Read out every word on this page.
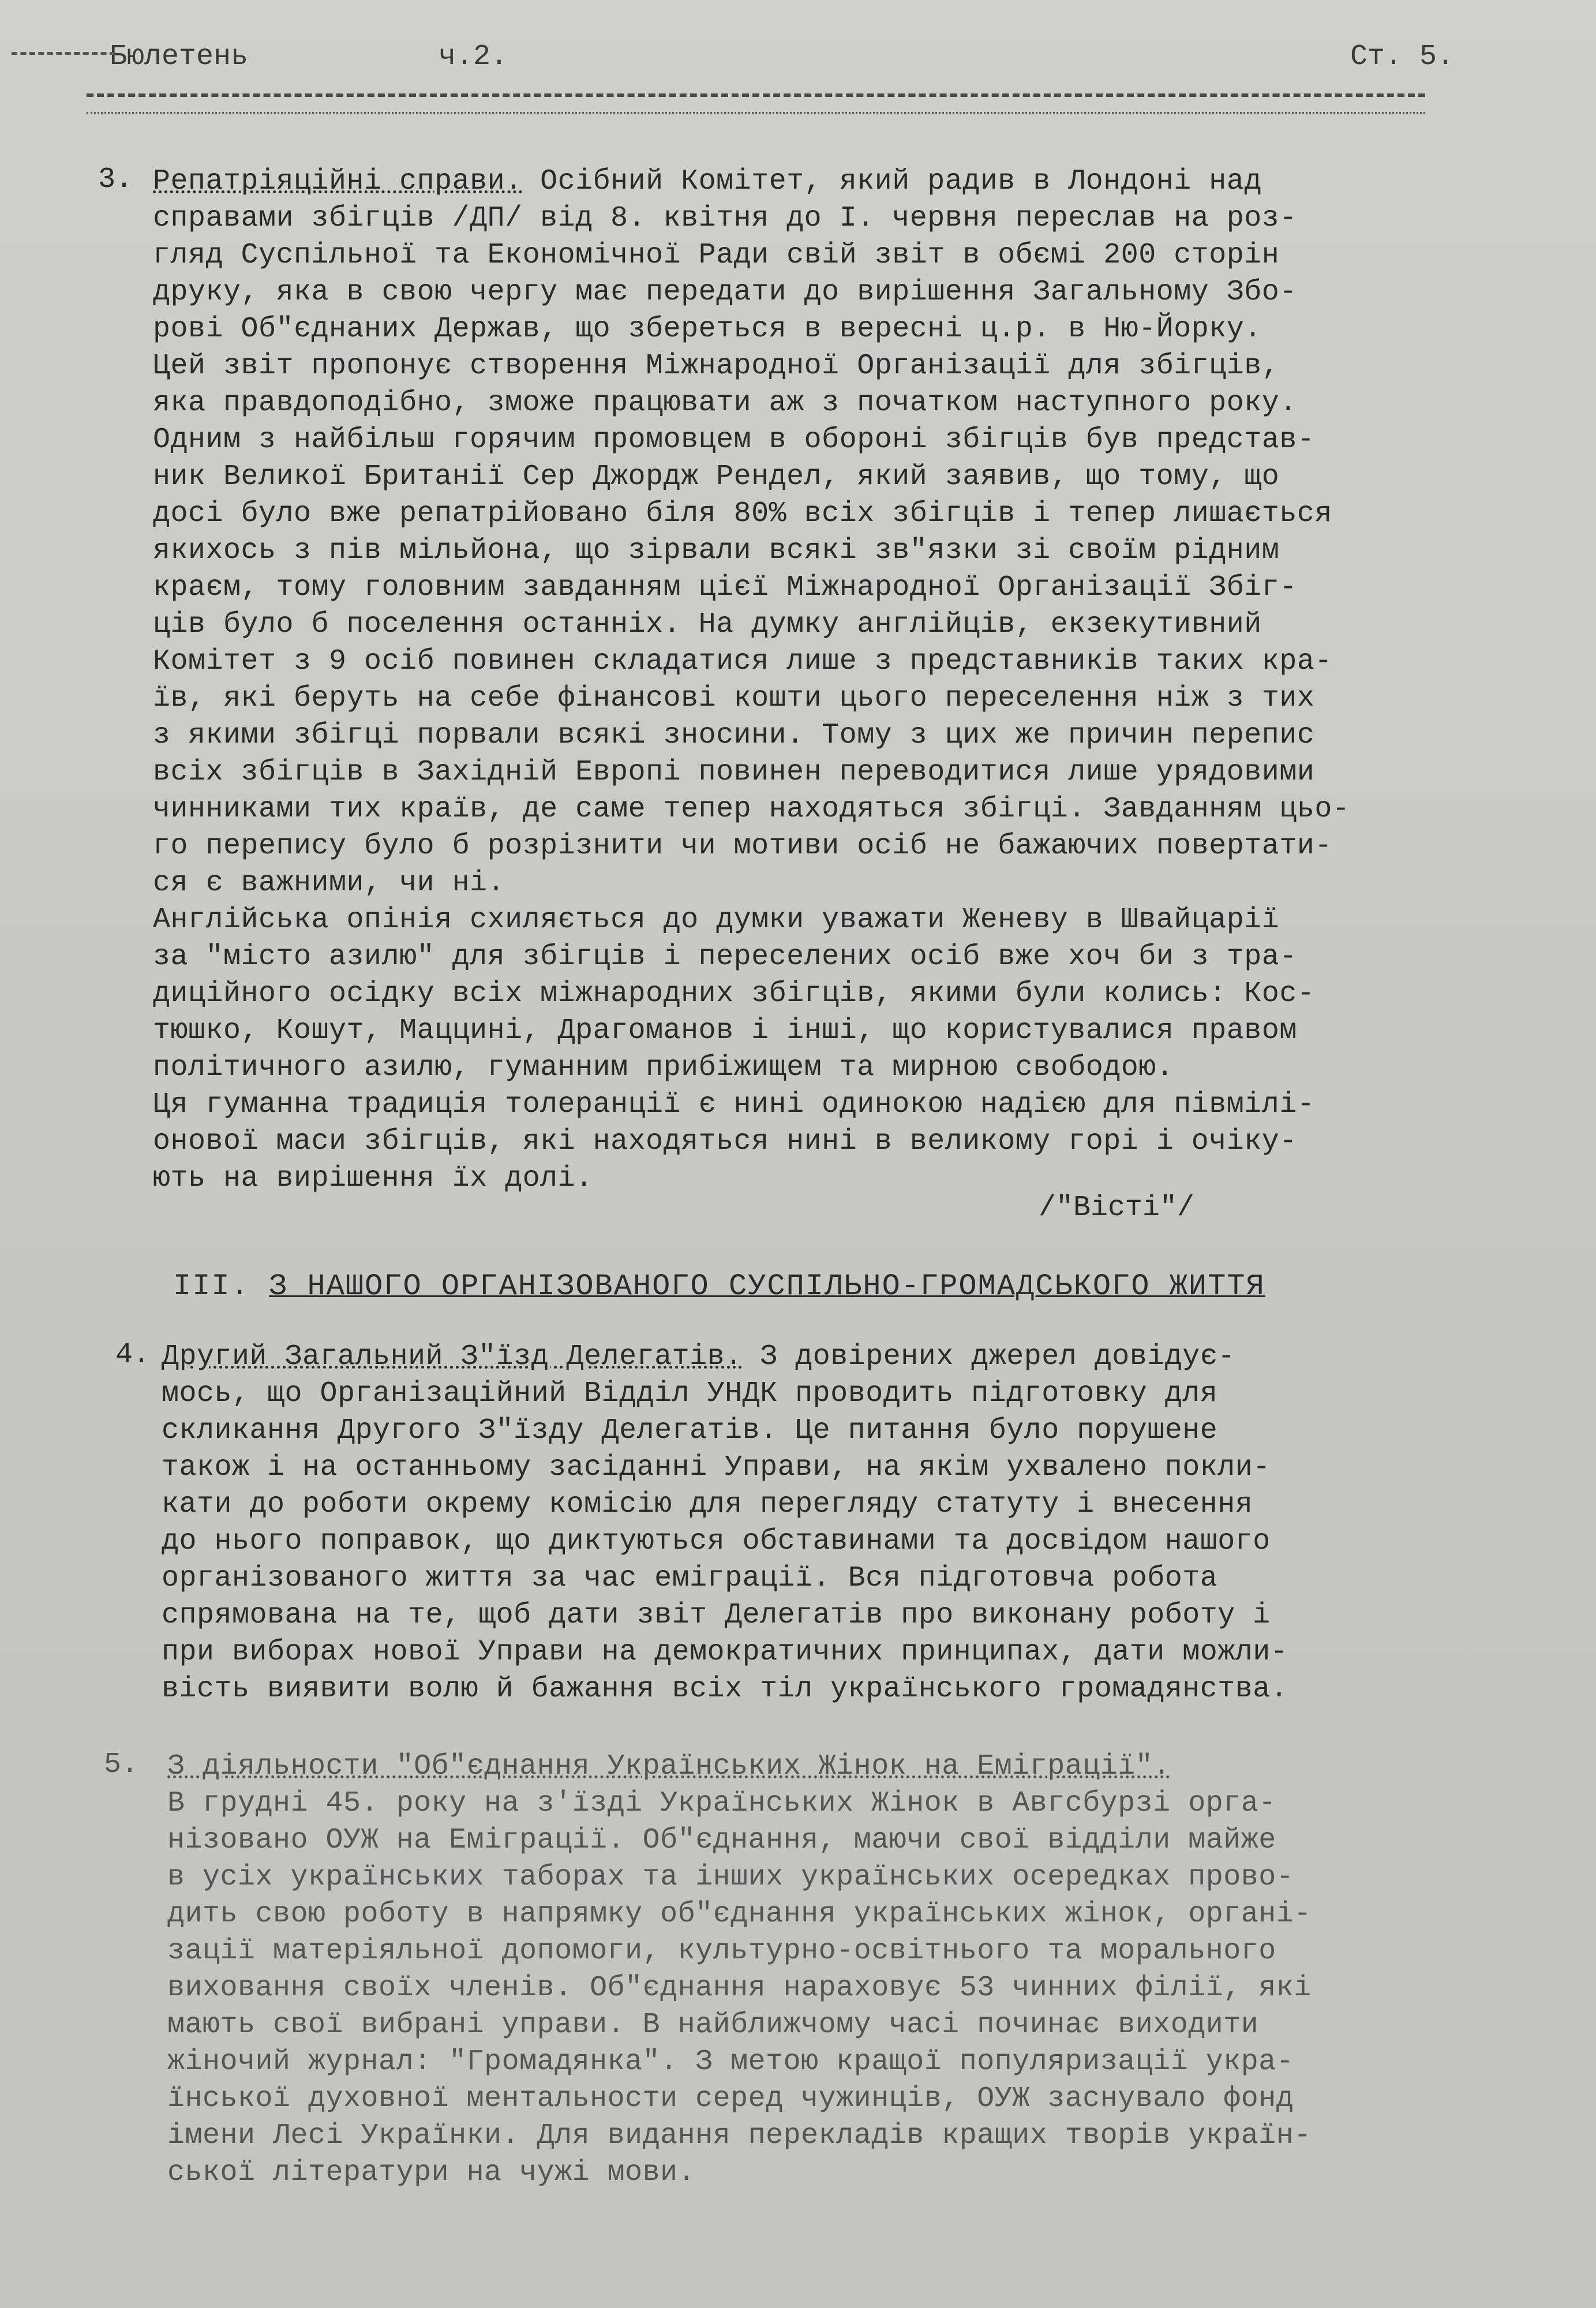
Бюлетень	ч.2.	Ст. 5.
3. Репатріяційні справи. Осібний Комітет, який радив в Лондоні над
справами збігців /ДП/ від 8. квітня до I. червня переслав на роз-
гляд Суспільної та Економічної Ради свій звіт в обємі 200 сторін
друку, яка в свою чергу має передати до вирішення Загальному Збо-
рові Об"єднаних Держав, що збереться в вересні ц.р. в Ню-Йорку.
Цей звіт пропонує створення Міжнародної Організації для збігців,
яка правдоподібно, зможе працювати аж з початком наступного року.
Одним з найбільш горячим промовцем в обороні збігців був представ-
ник Великої Британії Сер Джордж Рендел, який заявив, що тому, що
досі було вже репатрійовано біля 80% всіх збігців і тепер лишається
якихось з пів мільйона, що зірвали всякі зв"язки зі своїм рідним
краєм, тому головним завданням цієї Міжнародної Організації Збіг-
ців було б поселення останніх. На думку англійців, екзекутивний
Комітет з 9 осіб повинен складатися лише з представників таких кра-
їв, які беруть на себе фінансові кошти цього переселення ніж з тих
з якими збігці порвали всякі зносини. Тому з цих же причин перепис
всіх збігців в Західній Европі повинен переводитися лише урядовими
чинниками тих країв, де саме тепер находяться збігці. Завданням цьо-
го перепису було б розрізнити чи мотиви осіб не бажаючих повертати-
ся є важними, чи ні.
Англійська опінія схиляється до думки уважати Женеву в Швайцарії
за "місто азилю" для збігців і переселених осіб вже хоч би з тра-
диційного осідку всіх міжнародних збігців, якими були колись: Кос-
тюшко, Кошут, Маццині, Драгоманов і інші, що користувалися правом
політичного азилю, гуманним прибіжищем та мирною свободою.
Ця гуманна традиція толеранції є нині одинокою надією для півмілі-
онової маси збігців, які находяться нині в великому горі і очіку-
ють на вирішення їх долі.
/"Вісті"/
III. З НАШОГО ОРГАНІЗОВАНОГО СУСПІЛЬНО-ГРОМАДСЬКОГО ЖИТТЯ
4. Другий Загальний З"їзд Делегатів. З довірених джерел довідує-
мось, що Організаційний Відділ УНДК проводить підготовку для
скликання Другого З"їзду Делегатів. Це питання було порушене
також і на останньому засіданні Управи, на якім ухвалено покли-
кати до роботи окрему комісію для перегляду статуту і внесення
до нього поправок, що диктуються обставинами та досвідом нашого
організованого життя за час еміграції. Вся підготовча робота
спрямована на те, щоб дати звіт Делегатів про виконану роботу і
при виборах нової Управи на демократичних принципах, дати можли-
вість виявити волю й бажання всіх тіл українського громадянства.
5. З діяльности "Об"єднання Українських Жінок на Еміграції".
В грудні 45. року на з'їзді Українських Жінок в Авгсбурзі орга-
нізовано ОУЖ на Еміграції. Об"єднання, маючи свої відділи майже
в усіх українських таборах та інших українських осередках прово-
дить свою роботу в напрямку об"єднання українських жінок, органі-
зації матеріяльної допомоги, культурно-освітнього та морального
виховання своїх членів. Об"єднання нараховує 53 чинних філії, які
мають свої вибрані управи. В найближчому часі починає виходити
жіночий журнал: "Громадянка". З метою кращої популяризації укра-
їнської духовної ментальности серед чужинців, ОУЖ заснувало фонд
імени Лесі Українки. Для видання перекладів кращих творів україн-
ської літератури на чужі мови.
